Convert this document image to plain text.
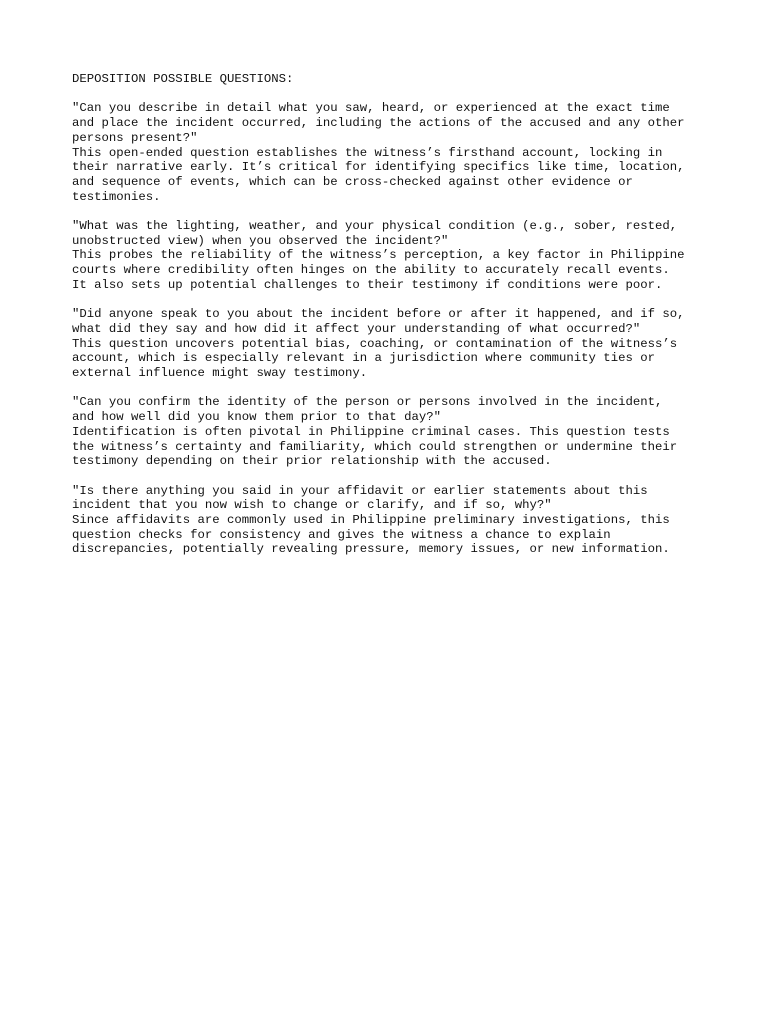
DEPOSITION POSSIBLE QUESTIONS:
"Can you describe in detail what you saw, heard, or experienced at the exact time
and place the incident occurred, including the actions of the accused and any other
persons present?"
This open-ended question establishes the witness’s firsthand account, locking in
their narrative early. It’s critical for identifying specifics like time, location,
and sequence of events, which can be cross-checked against other evidence or
testimonies.
"What was the lighting, weather, and your physical condition (e.g., sober, rested,
unobstructed view) when you observed the incident?"
This probes the reliability of the witness’s perception, a key factor in Philippine
courts where credibility often hinges on the ability to accurately recall events.
It also sets up potential challenges to their testimony if conditions were poor.
"Did anyone speak to you about the incident before or after it happened, and if so,
what did they say and how did it affect your understanding of what occurred?"
This question uncovers potential bias, coaching, or contamination of the witness’s
account, which is especially relevant in a jurisdiction where community ties or
external influence might sway testimony.
"Can you confirm the identity of the person or persons involved in the incident,
and how well did you know them prior to that day?"
Identification is often pivotal in Philippine criminal cases. This question tests
the witness’s certainty and familiarity, which could strengthen or undermine their
testimony depending on their prior relationship with the accused.
"Is there anything you said in your affidavit or earlier statements about this
incident that you now wish to change or clarify, and if so, why?"
Since affidavits are commonly used in Philippine preliminary investigations, this
question checks for consistency and gives the witness a chance to explain
discrepancies, potentially revealing pressure, memory issues, or new information.
